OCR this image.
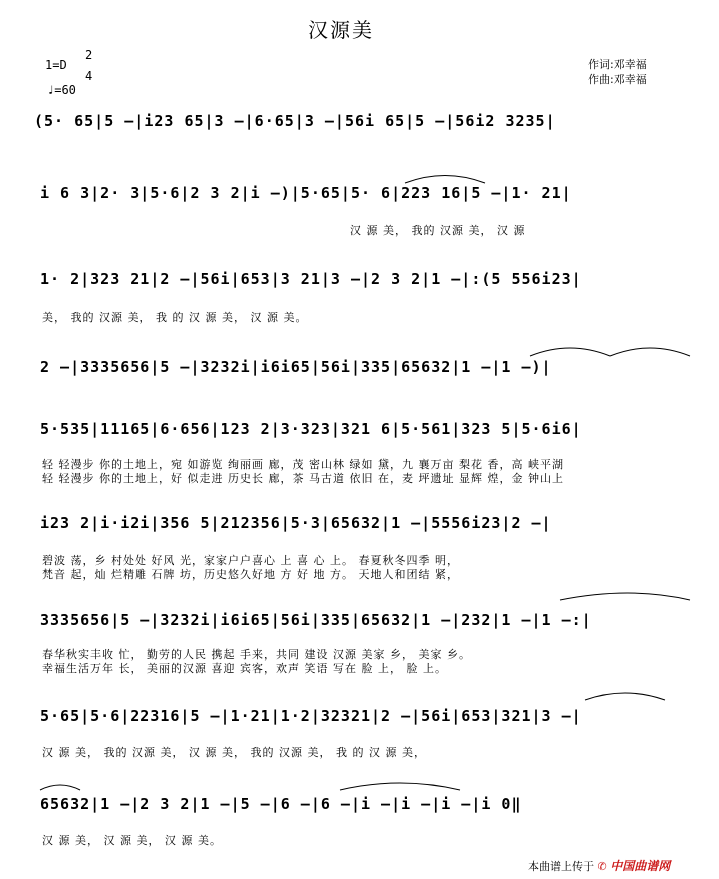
汉源美
1=D
2
4
♩=60
作词:邓幸福
作曲:邓幸福
(5· 65|5 —|i23 65|3 —|6·65|3 —|56i 65|5 —|56i2 3235|
i 6 3|2· 3|5·6|2 3 2|i —)|5·65|5· 6|223 16|5 —|1· 21|
汉 源 美， 我的 汉源 美， 汉 源
1· 2|323 21|2 —|56i|653|3 21|3 —|2 3 2|1 —|:(5 556i23|
美， 我的 汉源 美， 我 的 汉 源 美， 汉 源 美。
2 —|3335656|5 —|3232i|i6i65|56i|335|65632|1 —|1 —)|
5·535|11165|6·656|123 2|3·323|321 6|5·561|323 5|5·6i6|
轻 轻漫步 你的土地上，宛 如游览 绚丽画 廊，茂 密山林 绿如 黛，九 襄万亩 梨花 香，高 峡平湖
轻 轻漫步 你的土地上，好 似走进 历史长 廊，茶 马古道 依旧 在，麦 坪遗址 显辉 煌，金 钟山上
i23 2|i·i2i|356 5|212356|5·3|65632|1 —|5556i23|2 —|
碧波 荡，乡 村处处 好风 光，家家户户喜心 上 喜 心 上。 春夏秋冬四季 明，
梵音 起，灿 烂精雕 石牌 坊，历史悠久好地 方 好 地 方。 天地人和团结 紧，
3335656|5 —|3232i|i6i65|56i|335|65632|1 —|232|1 —|1 —:|
春华秋实丰收 忙， 勤劳的人民 携起 手来，共同 建设 汉源 美家 乡， 美家 乡。
幸福生活万年 长， 美丽的汉源 喜迎 宾客，欢声 笑语 写在 脸 上， 脸 上。
5·65|5·6|22316|5 —|1·21|1·2|32321|2 —|56i|653|321|3 —|
汉 源 美， 我的 汉源 美， 汉 源 美， 我的 汉源 美， 我 的 汉 源 美，
65632|1 —|2 3 2|1 —|5 —|6 —|6 —|i —|i —|i —|i 0‖
汉 源 美， 汉 源 美， 汉 源 美。
本曲谱上传于 ✆ 中国曲谱网
